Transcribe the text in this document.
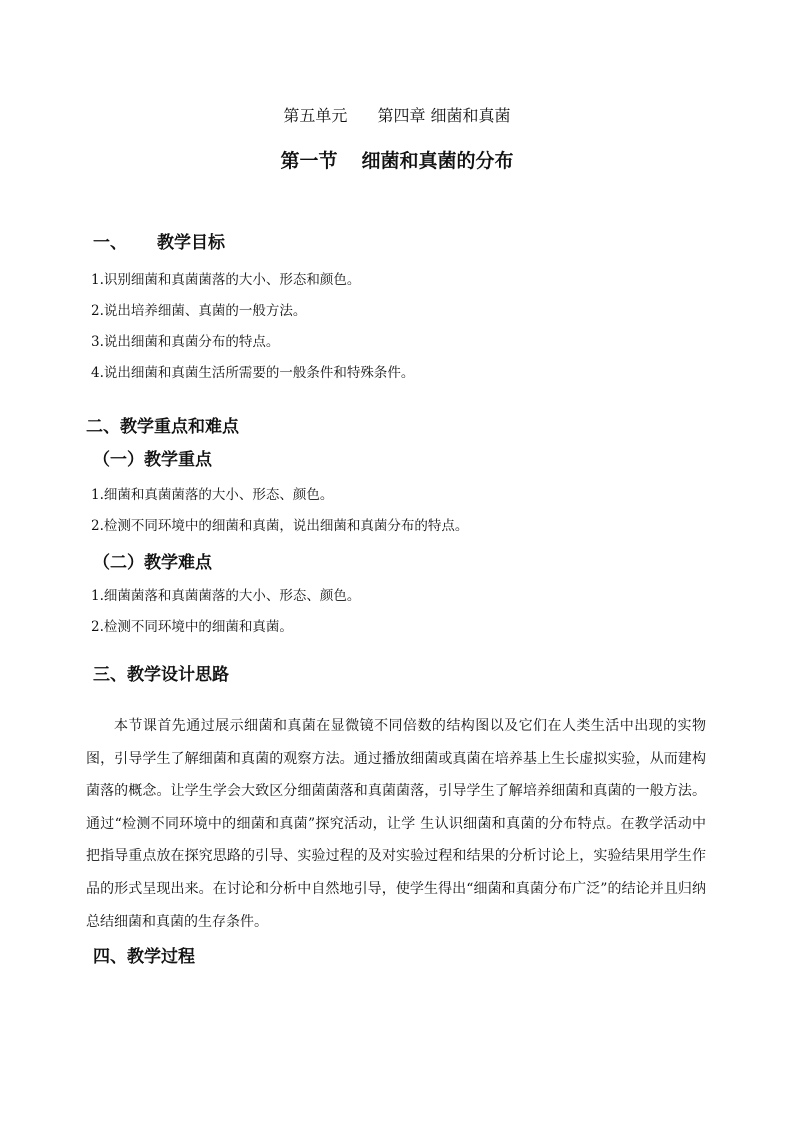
第五单元 第四章 细菌和真菌
第一节 细菌和真菌的分布
一、 教学目标
1.识别细菌和真菌菌落的大小、形态和颜色。
2.说出培养细菌、真菌的一般方法。
3.说出细菌和真菌分布的特点。
4.说出细菌和真菌生活所需要的一般条件和特殊条件。
二、教学重点和难点
（一）教学重点
1.细菌和真菌菌落的大小、形态、颜色。
2.检测不同环境中的细菌和真菌，说出细菌和真菌分布的特点。
（二）教学难点
1.细菌菌落和真菌菌落的大小、形态、颜色。
2.检测不同环境中的细菌和真菌。
三、教学设计思路

本节课首先通过展示细菌和真菌在显微镜不同倍数的结构图以及它们在人类生活中出现的实物图，引导学生了解细菌和真菌的观察方法。通过播放细菌或真菌在培养基上生长虚拟实验，从而建构菌落的概念。让学生学会大致区分细菌菌落和真菌菌落，引导学生了解培养细菌和真菌的一般方法。通过“检测不同环境中的细菌和真菌”探究活动，让学 生认识细菌和真菌的分布特点。在教学活动中把指导重点放在探究思路的引导、实验过程的及对实验过程和结果的分析讨论上，实验结果用学生作品的形式呈现出来。在讨论和分析中自然地引导，使学生得出“细菌和真菌分布广泛”的结论并且归纳总结细菌和真菌的生存条件。

四、教学过程
